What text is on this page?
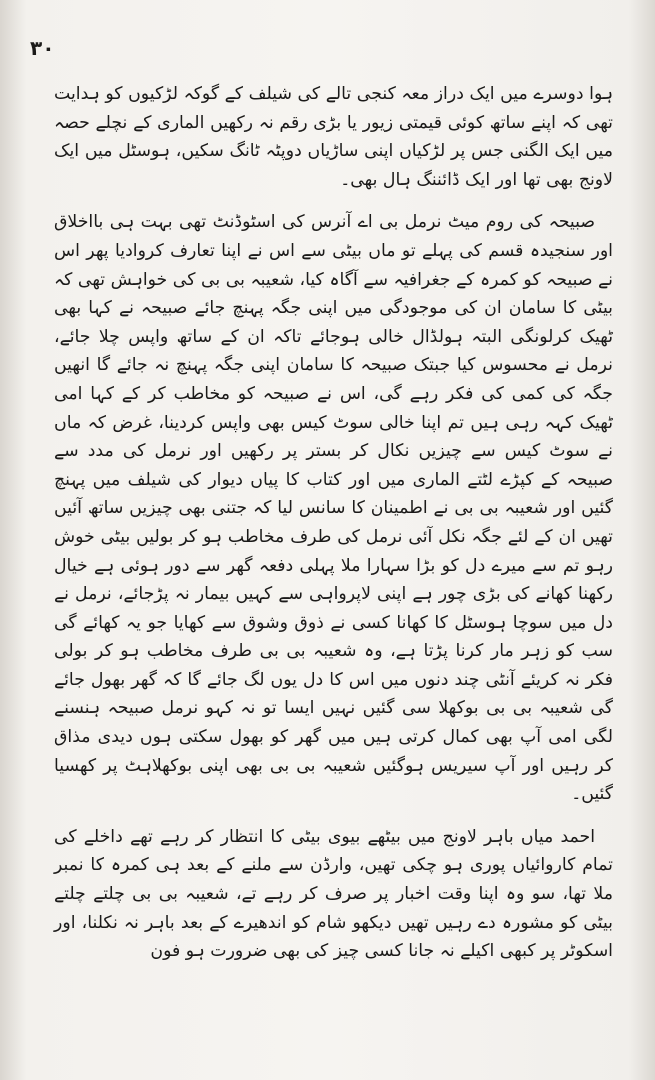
۳۰

ہوا دوسرے میں ایک دراز معہ کنجی تالے کی شیلف کے گوکہ لڑکیوں کو ہدایت تھی کہ اپنے ساتھ کوئی قیمتی زیور یا بڑی رقم نہ رکھیں الماری کے نچلے حصہ میں ایک الگنی جس پر لڑکیاں اپنی ساڑیاں دوپٹہ ٹانگ سکیں، ہوسٹل میں ایک لاونج بھی تھا اور ایک ڈائننگ ہال بھی۔

صبیحہ کی روم میٹ نرمل بی اے آنرس کی اسٹوڈنٹ تھی بہت ہی بااخلاق اور سنجیدہ قسم کی پہلے تو ماں بیٹی سے اس نے اپنا تعارف کروادیا پھر اس نے صبیحہ کو کمرہ کے جغرافیہ سے آگاہ کیا، شعیبہ بی بی کی خواہش تھی کہ بیٹی کا سامان ان کی موجودگی میں اپنی جگہ پہنچ جائے صبیحہ نے کہا بھی ٹھیک کرلونگی البتہ ہولڈال خالی ہوجائے تاکہ ان کے ساتھ واپس چلا جائے، نرمل نے محسوس کیا جبتک صبیحہ کا سامان اپنی جگہ پہنچ نہ جائے گا انھیں جگہ کی کمی کی فکر رہے گی، اس نے صبیحہ کو مخاطب کر کے کہا امی ٹھیک کہہ رہی ہیں تم اپنا خالی سوٹ کیس بھی واپس کردینا، غرض کہ ماں نے سوٹ کیس سے چیزیں نکال کر بستر پر رکھیں اور نرمل کی مدد سے صبیحہ کے کپڑے لٹتے الماری میں اور کتاب کا پیاں دیوار کی شیلف میں پہنچ گئیں اور شعیبہ بی بی نے اطمینان کا سانس لیا کہ جتنی بھی چیزیں ساتھ آئیں تھیں ان کے لئے جگہ نکل آئی نرمل کی طرف مخاطب ہو کر بولیں بیٹی خوش رہو تم سے میرے دل کو بڑا سہارا ملا پہلی دفعہ گھر سے دور ہوئی ہے خیال رکھنا کھانے کی بڑی چور ہے اپنی لاپرواہی سے کہیں بیمار نہ پڑجائے، نرمل نے دل میں سوچا ہوسٹل کا کھانا کسی نے ذوق وشوق سے کھایا جو یہ کھائے گی سب کو زہر مار کرنا پڑتا ہے، وہ شعیبہ بی بی طرف مخاطب ہو کر بولی فکر نہ کریئے آنٹی چند دنوں میں اس کا دل یوں لگ جائے گا کہ گھر بھول جائے گی شعیبہ بی بی بوکھلا سی گئیں نہیں ایسا تو نہ کہو نرمل صبیحہ ہنسنے لگی امی آپ بھی کمال کرتی ہیں میں گھر کو بھول سکتی ہوں دیدی مذاق کر رہیں اور آپ سیریس ہوگئیں شعیبہ بی بی بھی اپنی بوکھلاہٹ پر کھسیا گئیں۔

احمد میاں باہر لاونج میں بیٹھے بیوی بیٹی کا انتظار کر رہے تھے داخلے کی تمام کاروائیاں پوری ہو چکی تھیں، وارڈن سے ملنے کے بعد ہی کمرہ کا نمبر ملا تھا، سو وہ اپنا وقت اخبار پر صرف کر رہے تے، شعیبہ بی بی چلتے چلتے بیٹی کو مشورہ دے رہیں تھیں دیکھو شام کو اندھیرے کے بعد باہر نہ نکلنا، اور اسکوٹر پر کبھی اکیلے نہ جانا کسی چیز کی بھی ضرورت ہو فون
